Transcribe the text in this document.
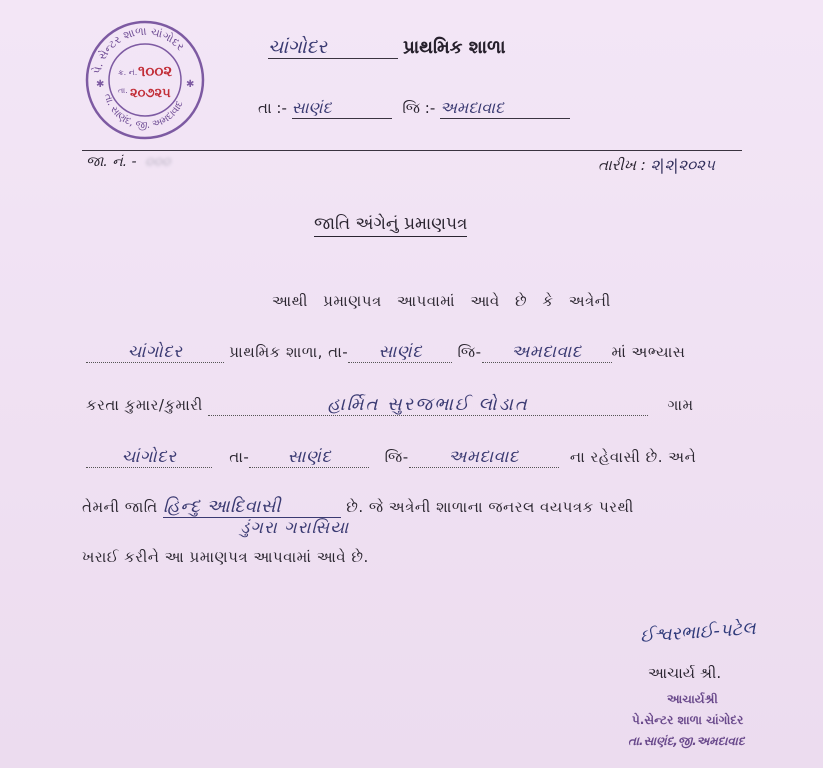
પે. સેન્ટર શાળા ચાંગોદર
તા. સાણંદ, જી. અમદાવાદ
ક્ર. નં. ૧૦૦૨
તા. ૨૦૭૨૫
✱	✱
ચાંગોદર	પ્રાથમિક શાળા
તા :- સાણંદ	જિ :- અમદાવાદ
જા. નં. - ૦૦૦	તારીખ : ૨|૨|૨૦૨૫
જાતિ અંગેનું પ્રમાણપત્ર
આથી પ્રમાણપત્ર આપવામાં આવે છે કે અત્રેની
ચાંગોદર	પ્રાથમિક શાળા, તા- સાણંદ જિ- અમદાવાદ માં અભ્યાસ
કરતા કુમાર/કુમારી	હાર્મિત સુરજભાઈ લોડાત	ગામ
ચાંગોદર	તા- સાણંદ	જિ- અમદાવાદ	ના રહેવાસી છે. અને
તેમની જાતિ હિન્દુ આદિવાસી	છે. જે અત્રેની શાળાના જનરલ વયપત્રક પરથી
ડુંગરા ગરાસિયા
ખરાઈ કરીને આ પ્રમાણપત્ર આપવામાં આવે છે.
ઈશ્વરભાઈ-પટેલ
આચાર્ય શ્રી.
આચાર્યશ્રી
પે.સેન્ટર શાળા ચાંગોદર
તા.સાણંદ,જી.અમદાવાદ
